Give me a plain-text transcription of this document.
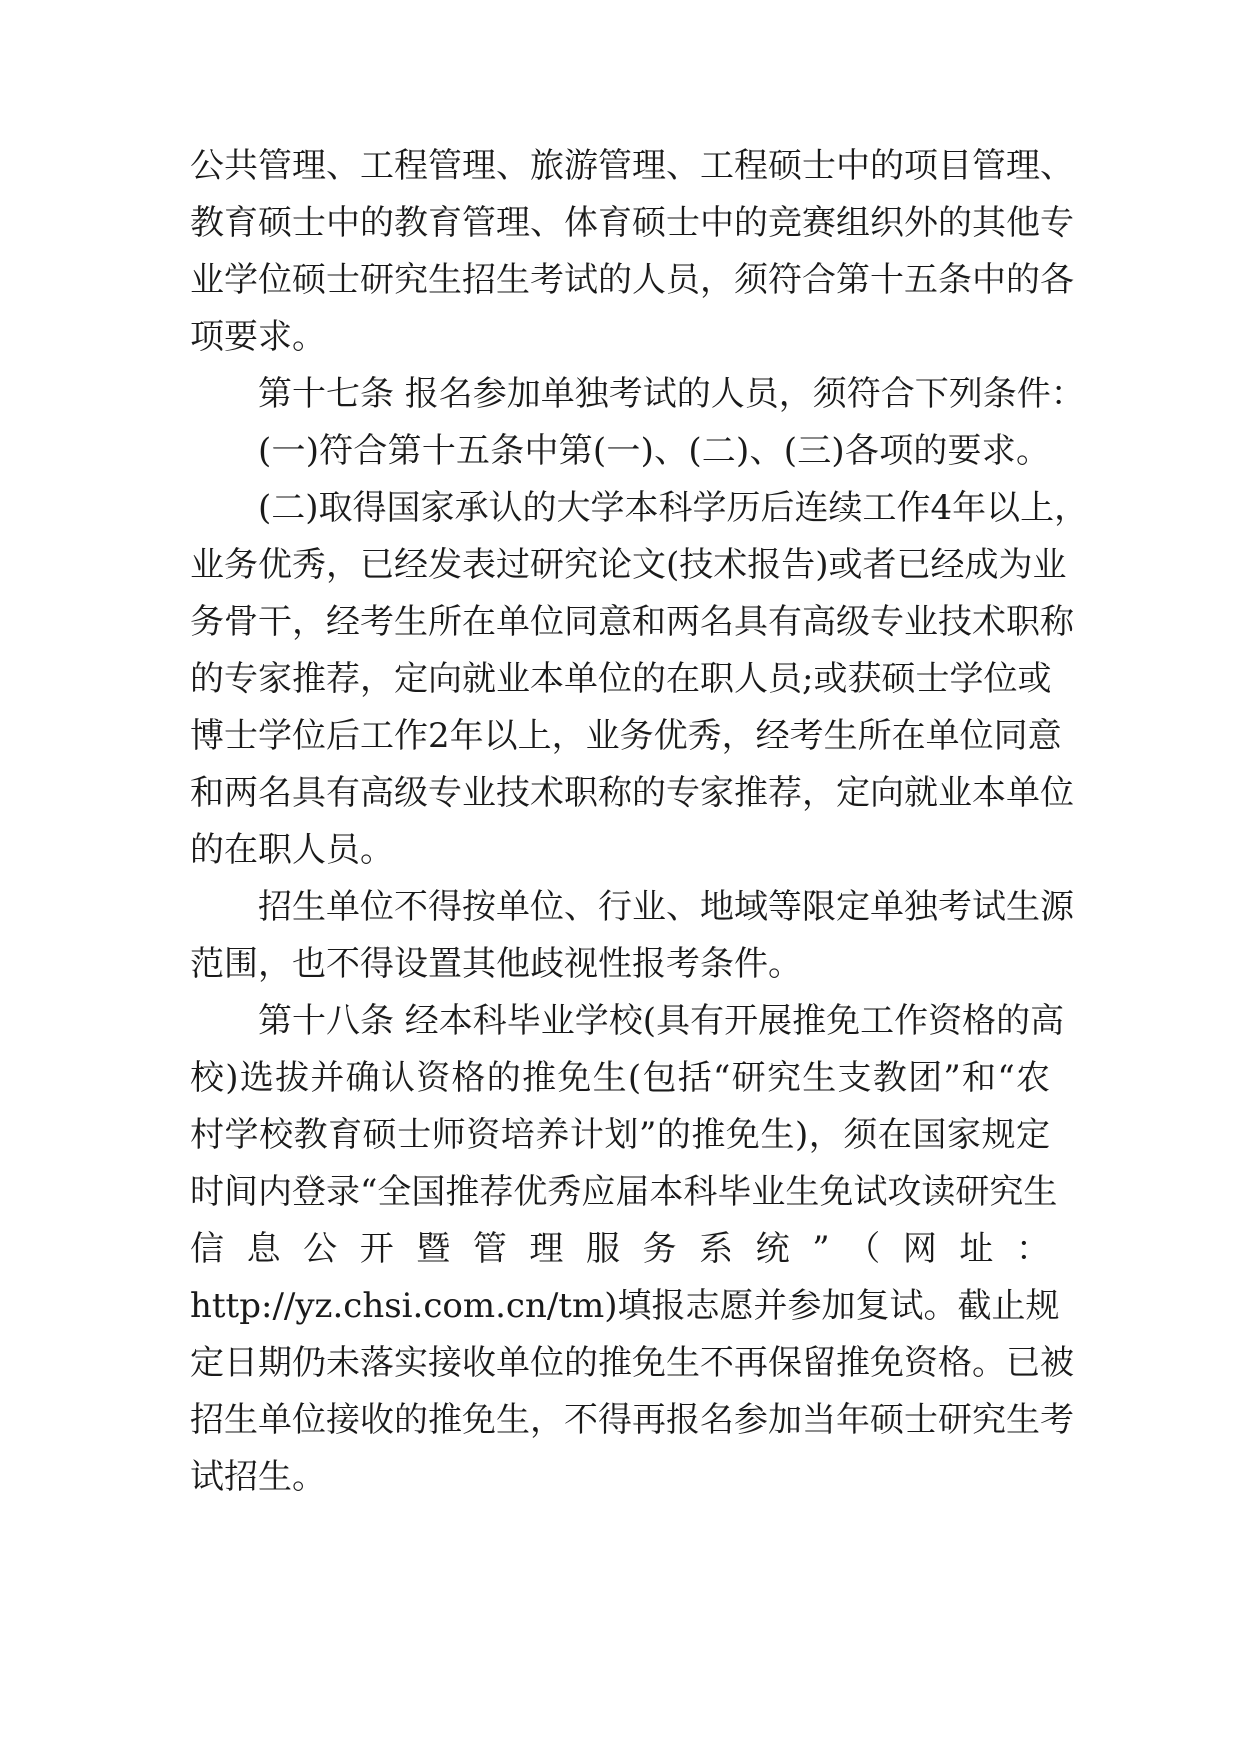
公共管理、工程管理、旅游管理、工程硕士中的项目管理、
教育硕士中的教育管理、体育硕士中的竞赛组织外的其他专
业学位硕士研究生招生考试的人员，须符合第十五条中的各
项要求。
第十七条 报名参加单独考试的人员，须符合下列条件：
(一)符合第十五条中第(一)、(二)、(三)各项的要求。
(二)取得国家承认的大学本科学历后连续工作4年以上，
业务优秀，已经发表过研究论文(技术报告)或者已经成为业
务骨干，经考生所在单位同意和两名具有高级专业技术职称
的专家推荐，定向就业本单位的在职人员;或获硕士学位或
博士学位后工作2年以上，业务优秀，经考生所在单位同意
和两名具有高级专业技术职称的专家推荐，定向就业本单位
的在职人员。
招生单位不得按单位、行业、地域等限定单独考试生源
范围，也不得设置其他歧视性报考条件。
第十八条 经本科毕业学校(具有开展推免工作资格的高
校)选拔并确认资格的推免生(包括“研究生支教团”和“农
村学校教育硕士师资培养计划”的推免生)，须在国家规定
时间内登录“全国推荐优秀应届本科毕业生免试攻读研究生
信 息 公 开 暨 管 理 服 务 系 统 ” （ 网 址 ：
http://yz.chsi.com.cn/tm)填报志愿并参加复试。截止规
定日期仍未落实接收单位的推免生不再保留推免资格。已被
招生单位接收的推免生，不得再报名参加当年硕士研究生考
试招生。
